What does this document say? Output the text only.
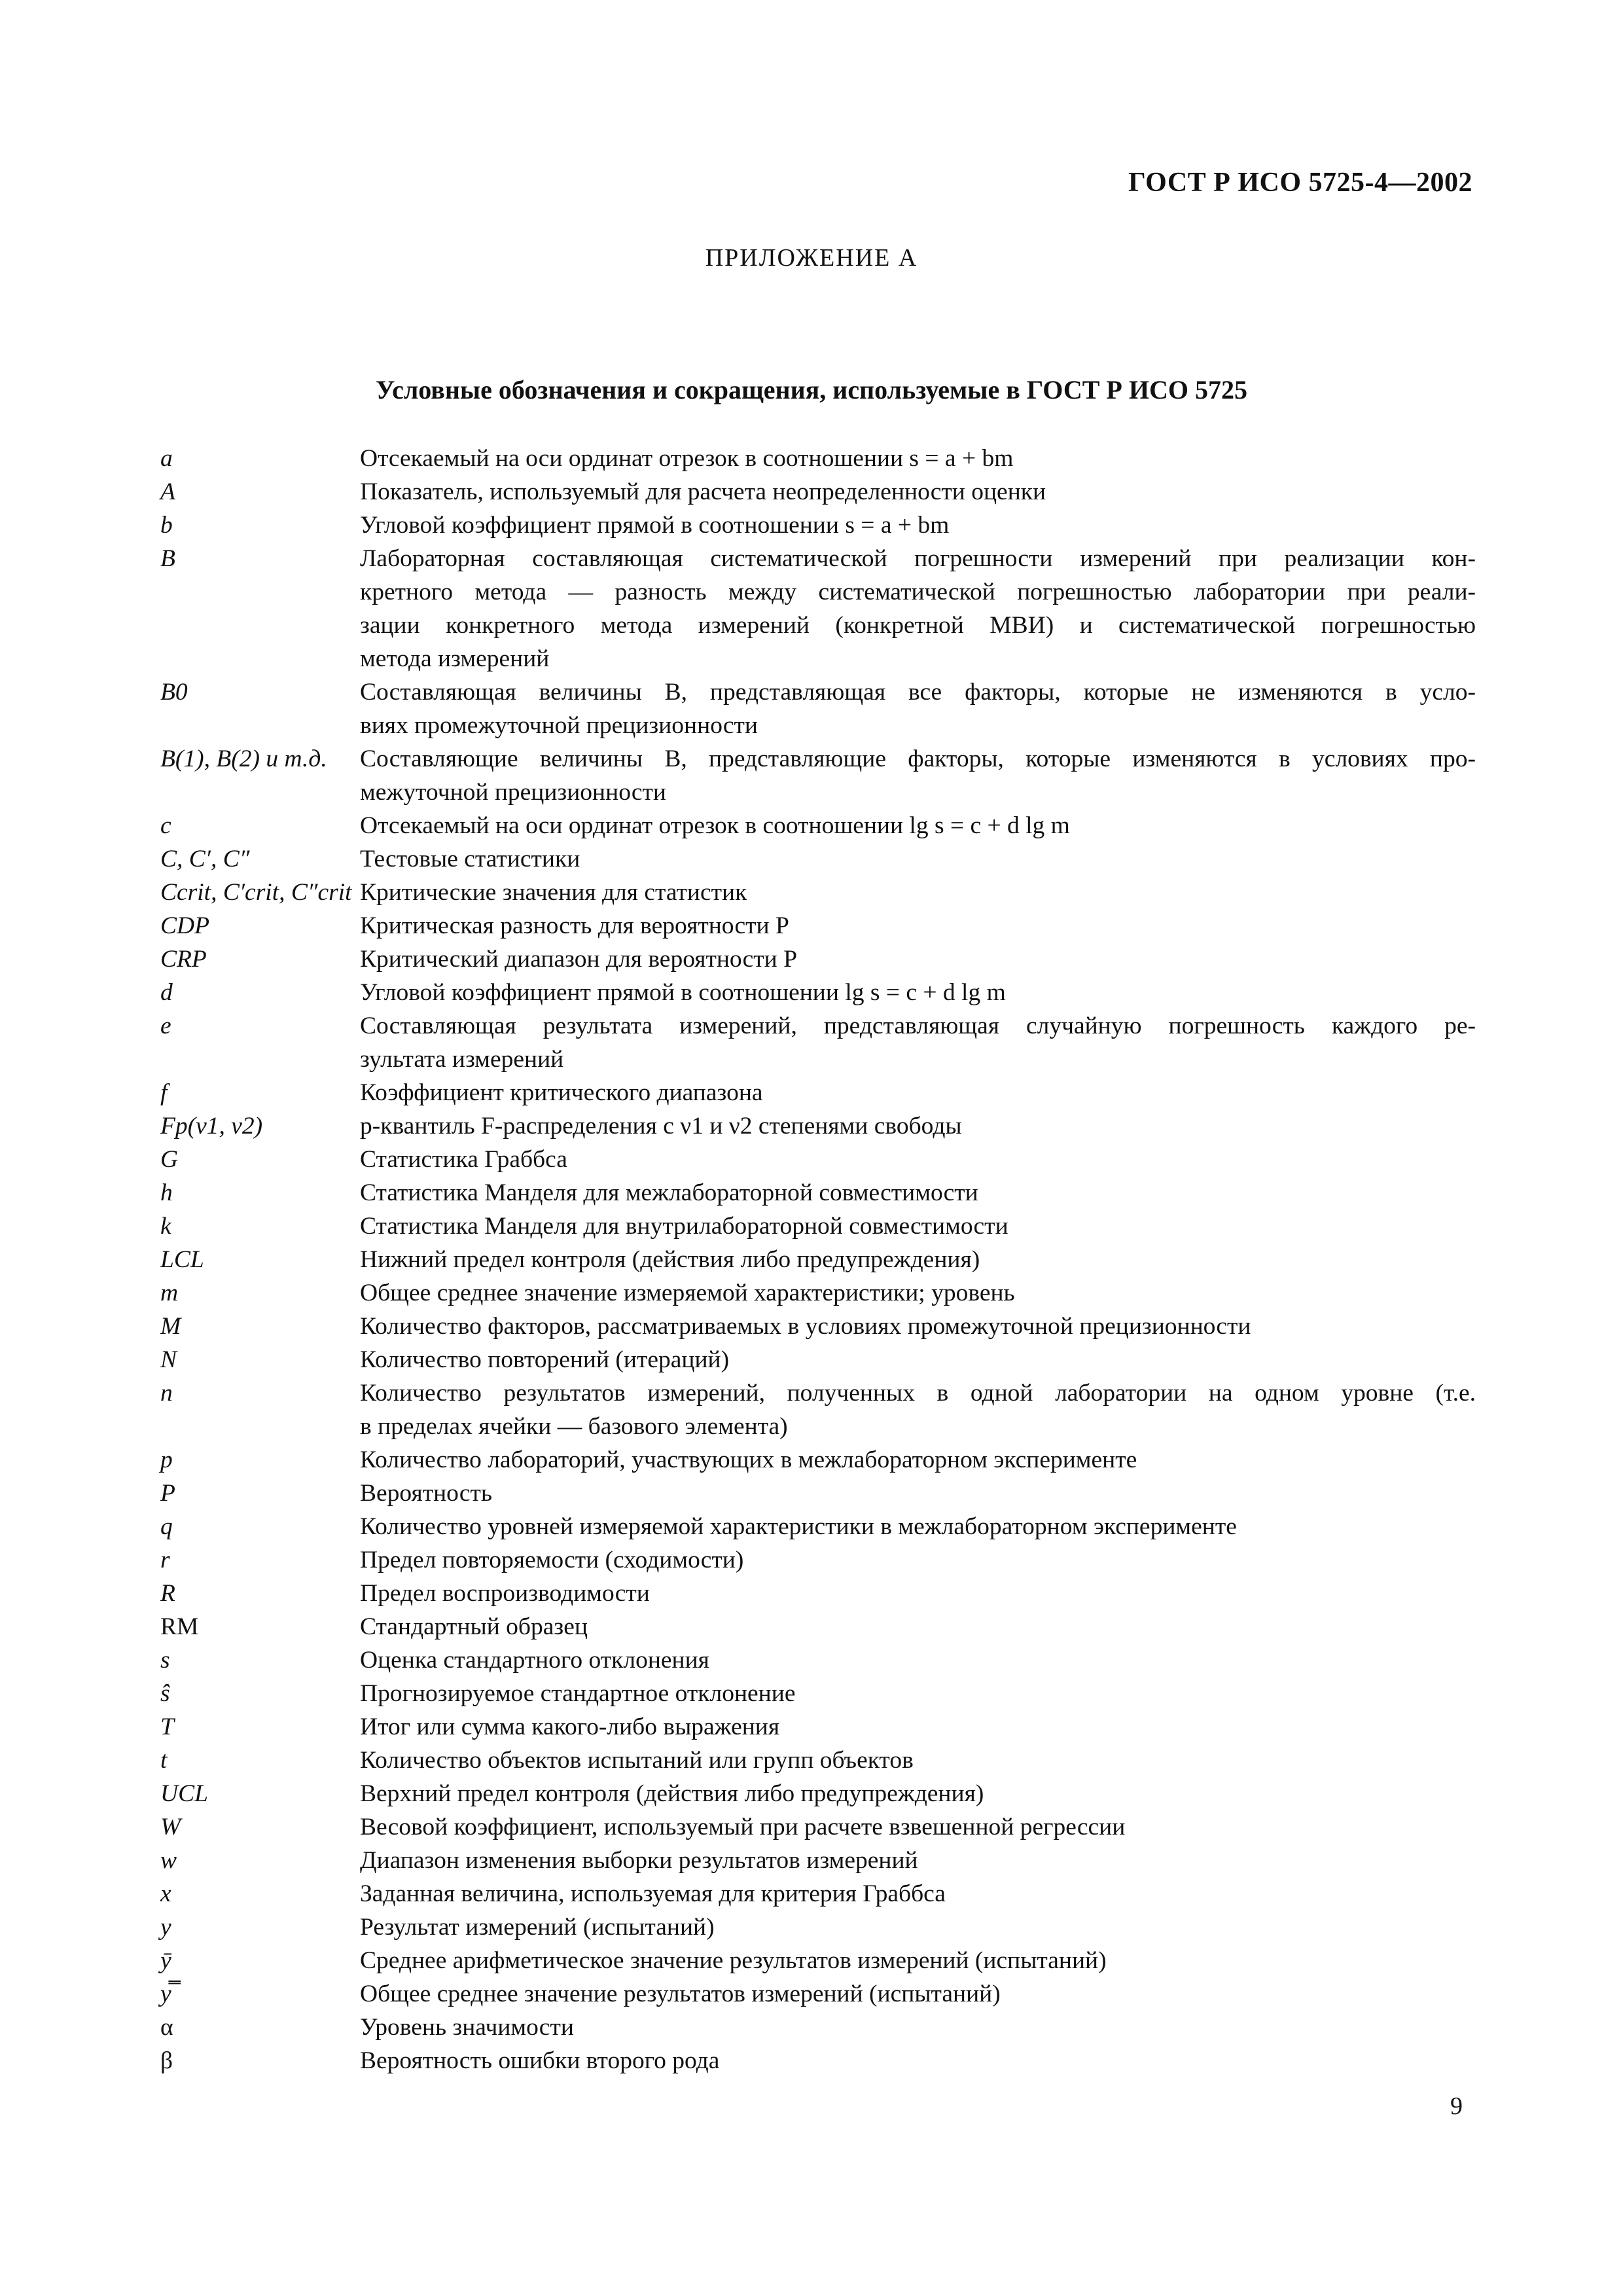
ГОСТ Р ИСО 5725-4—2002
ПРИЛОЖЕНИЕ А
Условные обозначения и сокращения, используемые в ГОСТ Р ИСО 5725
a	Отсекаемый на оси ординат отрезок в соотношении s = a + bm
A	Показатель, используемый для расчета неопределенности оценки
b	Угловой коэффициент прямой в соотношении s = a + bm
B	Лабораторная составляющая систематической погрешности измерений при реализации кон-
кретного метода — разность между систематической погрешностью лаборатории при реали-
зации конкретного метода измерений (конкретной МВИ) и систематической погрешностью
метода измерений
B0	Составляющая величины B, представляющая все факторы, которые не изменяются в усло-
виях промежуточной прецизионности
B(1), B(2) и т.д.	Составляющие величины B, представляющие факторы, которые изменяются в условиях про-
межуточной прецизионности
c	Отсекаемый на оси ординат отрезок в соотношении lg s = c + d lg m
C, C′, C″	Тестовые статистики
Ccrit, C′crit, C″crit Критические значения для статистик
CDP	Критическая разность для вероятности P
CRP	Критический диапазон для вероятности P
d	Угловой коэффициент прямой в соотношении lg s = c + d lg m
e	Составляющая результата измерений, представляющая случайную погрешность каждого ре-
зультата измерений
f	Коэффициент критического диапазона
Fp(ν1, ν2)	p-квантиль F-распределения с ν1 и ν2 степенями свободы
G	Статистика Граббса
h	Статистика Манделя для межлабораторной совместимости
k	Статистика Манделя для внутрилабораторной совместимости
LCL	Нижний предел контроля (действия либо предупреждения)
m	Общее среднее значение измеряемой характеристики; уровень
M	Количество факторов, рассматриваемых в условиях промежуточной прецизионности
N	Количество повторений (итераций)
n	Количество результатов измерений, полученных в одной лаборатории на одном уровне (т.е.
в пределах ячейки — базового элемента)
p	Количество лабораторий, участвующих в межлабораторном эксперименте
P	Вероятность
q	Количество уровней измеряемой характеристики в межлабораторном эксперименте
r	Предел повторяемости (сходимости)
R	Предел воспроизводимости
RM	Стандартный образец
s	Оценка стандартного отклонения
ŝ	Прогнозируемое стандартное отклонение
T	Итог или сумма какого-либо выражения
t	Количество объектов испытаний или групп объектов
UCL	Верхний предел контроля (действия либо предупреждения)
W	Весовой коэффициент, используемый при расчете взвешенной регрессии
w	Диапазон изменения выборки результатов измерений
x	Заданная величина, используемая для критерия Граббса
y	Результат измерений (испытаний)
ȳ	Среднее арифметическое значение результатов измерений (испытаний)
y̿	Общее среднее значение результатов измерений (испытаний)
α	Уровень значимости
β	Вероятность ошибки второго рода
9
